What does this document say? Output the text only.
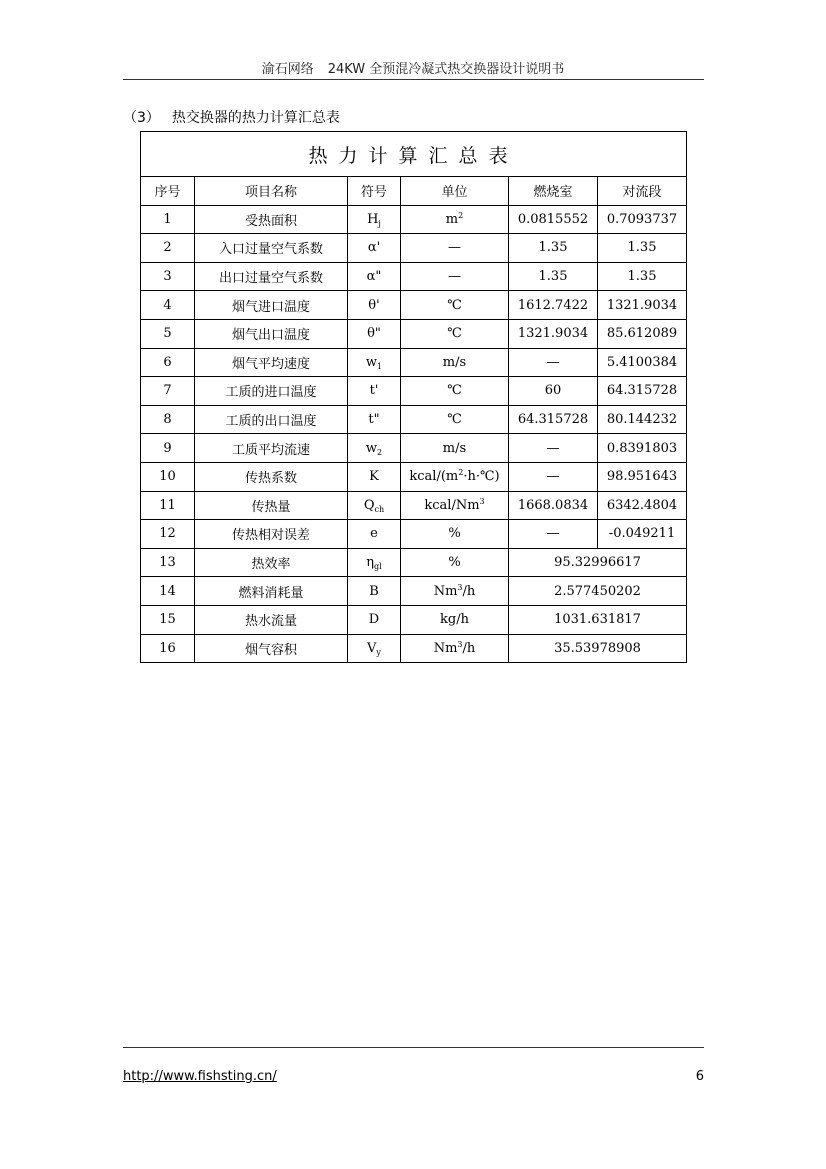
渝石网络 24KW 全预混冷凝式热交换器设计说明书
（3） 热交换器的热力计算汇总表
热力计算汇总表					
序号	项目名称	符号	单位	燃烧室	对流段
1	受热面积	$H_j$	$m^2$	0.0815552	0.7093737
2	入口过量空气系数	α'	—	1.35	1.35
3	出口过量空气系数	α"	—	1.35	1.35
4	烟气进口温度	θ'	℃	1612.7422	1321.9034
5	烟气出口温度	θ"	℃	1321.9034	85.612089
6	烟气平均速度	$w_1$	m/s	—	5.4100384
7	工质的进口温度	t'	℃	60	64.315728
8	工质的出口温度	t"	℃	64.315728	80.144232
9	工质平均流速	$w_2$	m/s	—	0.8391803
10	传热系数	K	kcal/$(m^2\cdot h\cdot℃)$	—	98.951643
11	传热量	$Q_{ch}$	kcal/Nm$^3$	1668.0834	6342.4804
12	传热相对误差	e	%	—	-0.049211
13	热效率	$\eta_{gl}$	%	95.32996617	
14	燃料消耗量	B	Nm$^3$/h	2.577450202	
15	热水流量	D	kg/h	1031.631817	
16	烟气容积	$V_y$	Nm$^3$/h	35.53978908	
http://www.fishsting.cn/	6
